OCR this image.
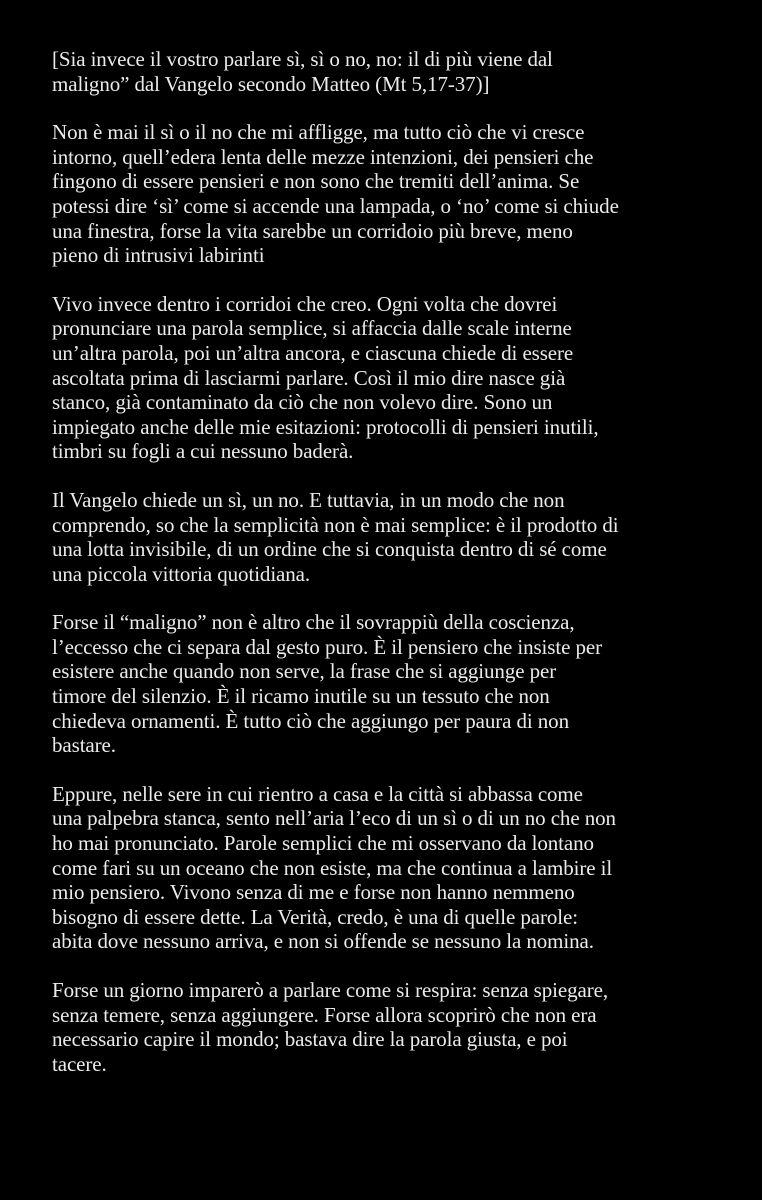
[Sia invece il vostro parlare sì, sì o no, no: il di più viene dal
maligno” dal Vangelo secondo Matteo (Mt 5,17-37)]

Non è mai il sì o il no che mi affligge, ma tutto ciò che vi cresce
intorno, quell’edera lenta delle mezze intenzioni, dei pensieri che
fingono di essere pensieri e non sono che tremiti dell’anima. Se
potessi dire ‘sì’ come si accende una lampada, o ‘no’ come si chiude
una finestra, forse la vita sarebbe un corridoio più breve, meno
pieno di intrusivi labirinti

Vivo invece dentro i corridoi che creo. Ogni volta che dovrei
pronunciare una parola semplice, si affaccia dalle scale interne
un’altra parola, poi un’altra ancora, e ciascuna chiede di essere
ascoltata prima di lasciarmi parlare. Così il mio dire nasce già
stanco, già contaminato da ciò che non volevo dire. Sono un
impiegato anche delle mie esitazioni: protocolli di pensieri inutili,
timbri su fogli a cui nessuno baderà.

Il Vangelo chiede un sì, un no. E tuttavia, in un modo che non
comprendo, so che la semplicità non è mai semplice: è il prodotto di
una lotta invisibile, di un ordine che si conquista dentro di sé come
una piccola vittoria quotidiana.

Forse il “maligno” non è altro che il sovrappiù della coscienza,
l’eccesso che ci separa dal gesto puro. È il pensiero che insiste per
esistere anche quando non serve, la frase che si aggiunge per
timore del silenzio. È il ricamo inutile su un tessuto che non
chiedeva ornamenti. È tutto ciò che aggiungo per paura di non
bastare.

Eppure, nelle sere in cui rientro a casa e la città si abbassa come
una palpebra stanca, sento nell’aria l’eco di un sì o di un no che non
ho mai pronunciato. Parole semplici che mi osservano da lontano
come fari su un oceano che non esiste, ma che continua a lambire il
mio pensiero. Vivono senza di me e forse non hanno nemmeno
bisogno di essere dette. La Verità, credo, è una di quelle parole:
abita dove nessuno arriva, e non si offende se nessuno la nomina.

Forse un giorno imparerò a parlare come si respira: senza spiegare,
senza temere, senza aggiungere. Forse allora scoprirò che non era
necessario capire il mondo; bastava dire la parola giusta, e poi
tacere.
